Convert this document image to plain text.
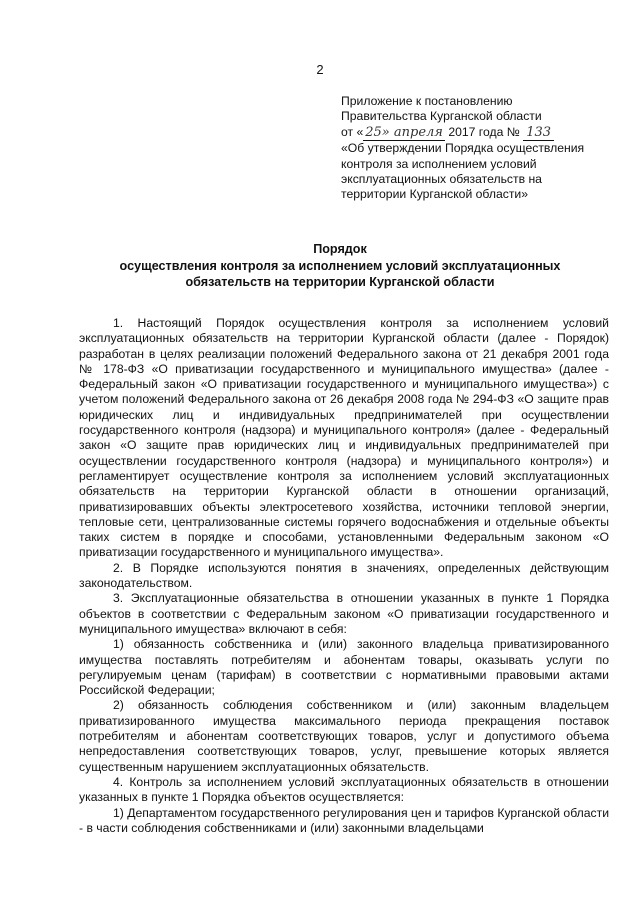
2
Приложение к постановлению
Правительства Курганской области
от « 25» апреля 2017 года № 133
«Об утверждении Порядка осуществления
контроля за исполнением условий
эксплуатационных обязательств на
территории Курганской области»
Порядок
осуществления контроля за исполнением условий эксплуатационных
обязательств на территории Курганской области

1. Настоящий Порядок осуществления контроля за исполнением условий эксплуатационных обязательств на территории Курганской области (далее - Порядок) разработан в целях реализации положений Федерального закона от 21 декабря 2001 года № 178-ФЗ «О приватизации государственного и муниципального имущества» (далее - Федеральный закон «О приватизации государственного и муниципального имущества») с учетом положений Федерального закона от 26 декабря 2008 года № 294-ФЗ «О защите прав юридических лиц и индивидуальных предпринимателей при осуществлении государственного контроля (надзора) и муниципального контроля» (далее - Федеральный закон «О защите прав юридических лиц и индивидуальных предпринимателей при осуществлении государственного контроля (надзора) и муниципального контроля») и регламентирует осуществление контроля за исполнением условий эксплуатационных обязательств на территории Курганской области в отношении организаций, приватизировавших объекты электросетевого хозяйства, источники тепловой энергии, тепловые сети, централизованные системы горячего водоснабжения и отдельные объекты таких систем в порядке и способами, установленными Федеральным законом «О приватизации государственного и муниципального имущества».

2. В Порядке используются понятия в значениях, определенных действующим законодательством.

3. Эксплуатационные обязательства в отношении указанных в пункте 1 Порядка объектов в соответствии с Федеральным законом «О приватизации государственного и муниципального имущества» включают в себя:

1) обязанность собственника и (или) законного владельца приватизированного имущества поставлять потребителям и абонентам товары, оказывать услуги по регулируемым ценам (тарифам) в соответствии с нормативными правовыми актами Российской Федерации;

2) обязанность соблюдения собственником и (или) законным владельцем приватизированного имущества максимального периода прекращения поставок потребителям и абонентам соответствующих товаров, услуг и допустимого объема непредоставления соответствующих товаров, услуг, превышение которых является существенным нарушением эксплуатационных обязательств.

4. Контроль за исполнением условий эксплуатационных обязательств в отношении указанных в пункте 1 Порядка объектов осуществляется:

1) Департаментом государственного регулирования цен и тарифов Курганской области - в части соблюдения собственниками и (или) законными владельцами
